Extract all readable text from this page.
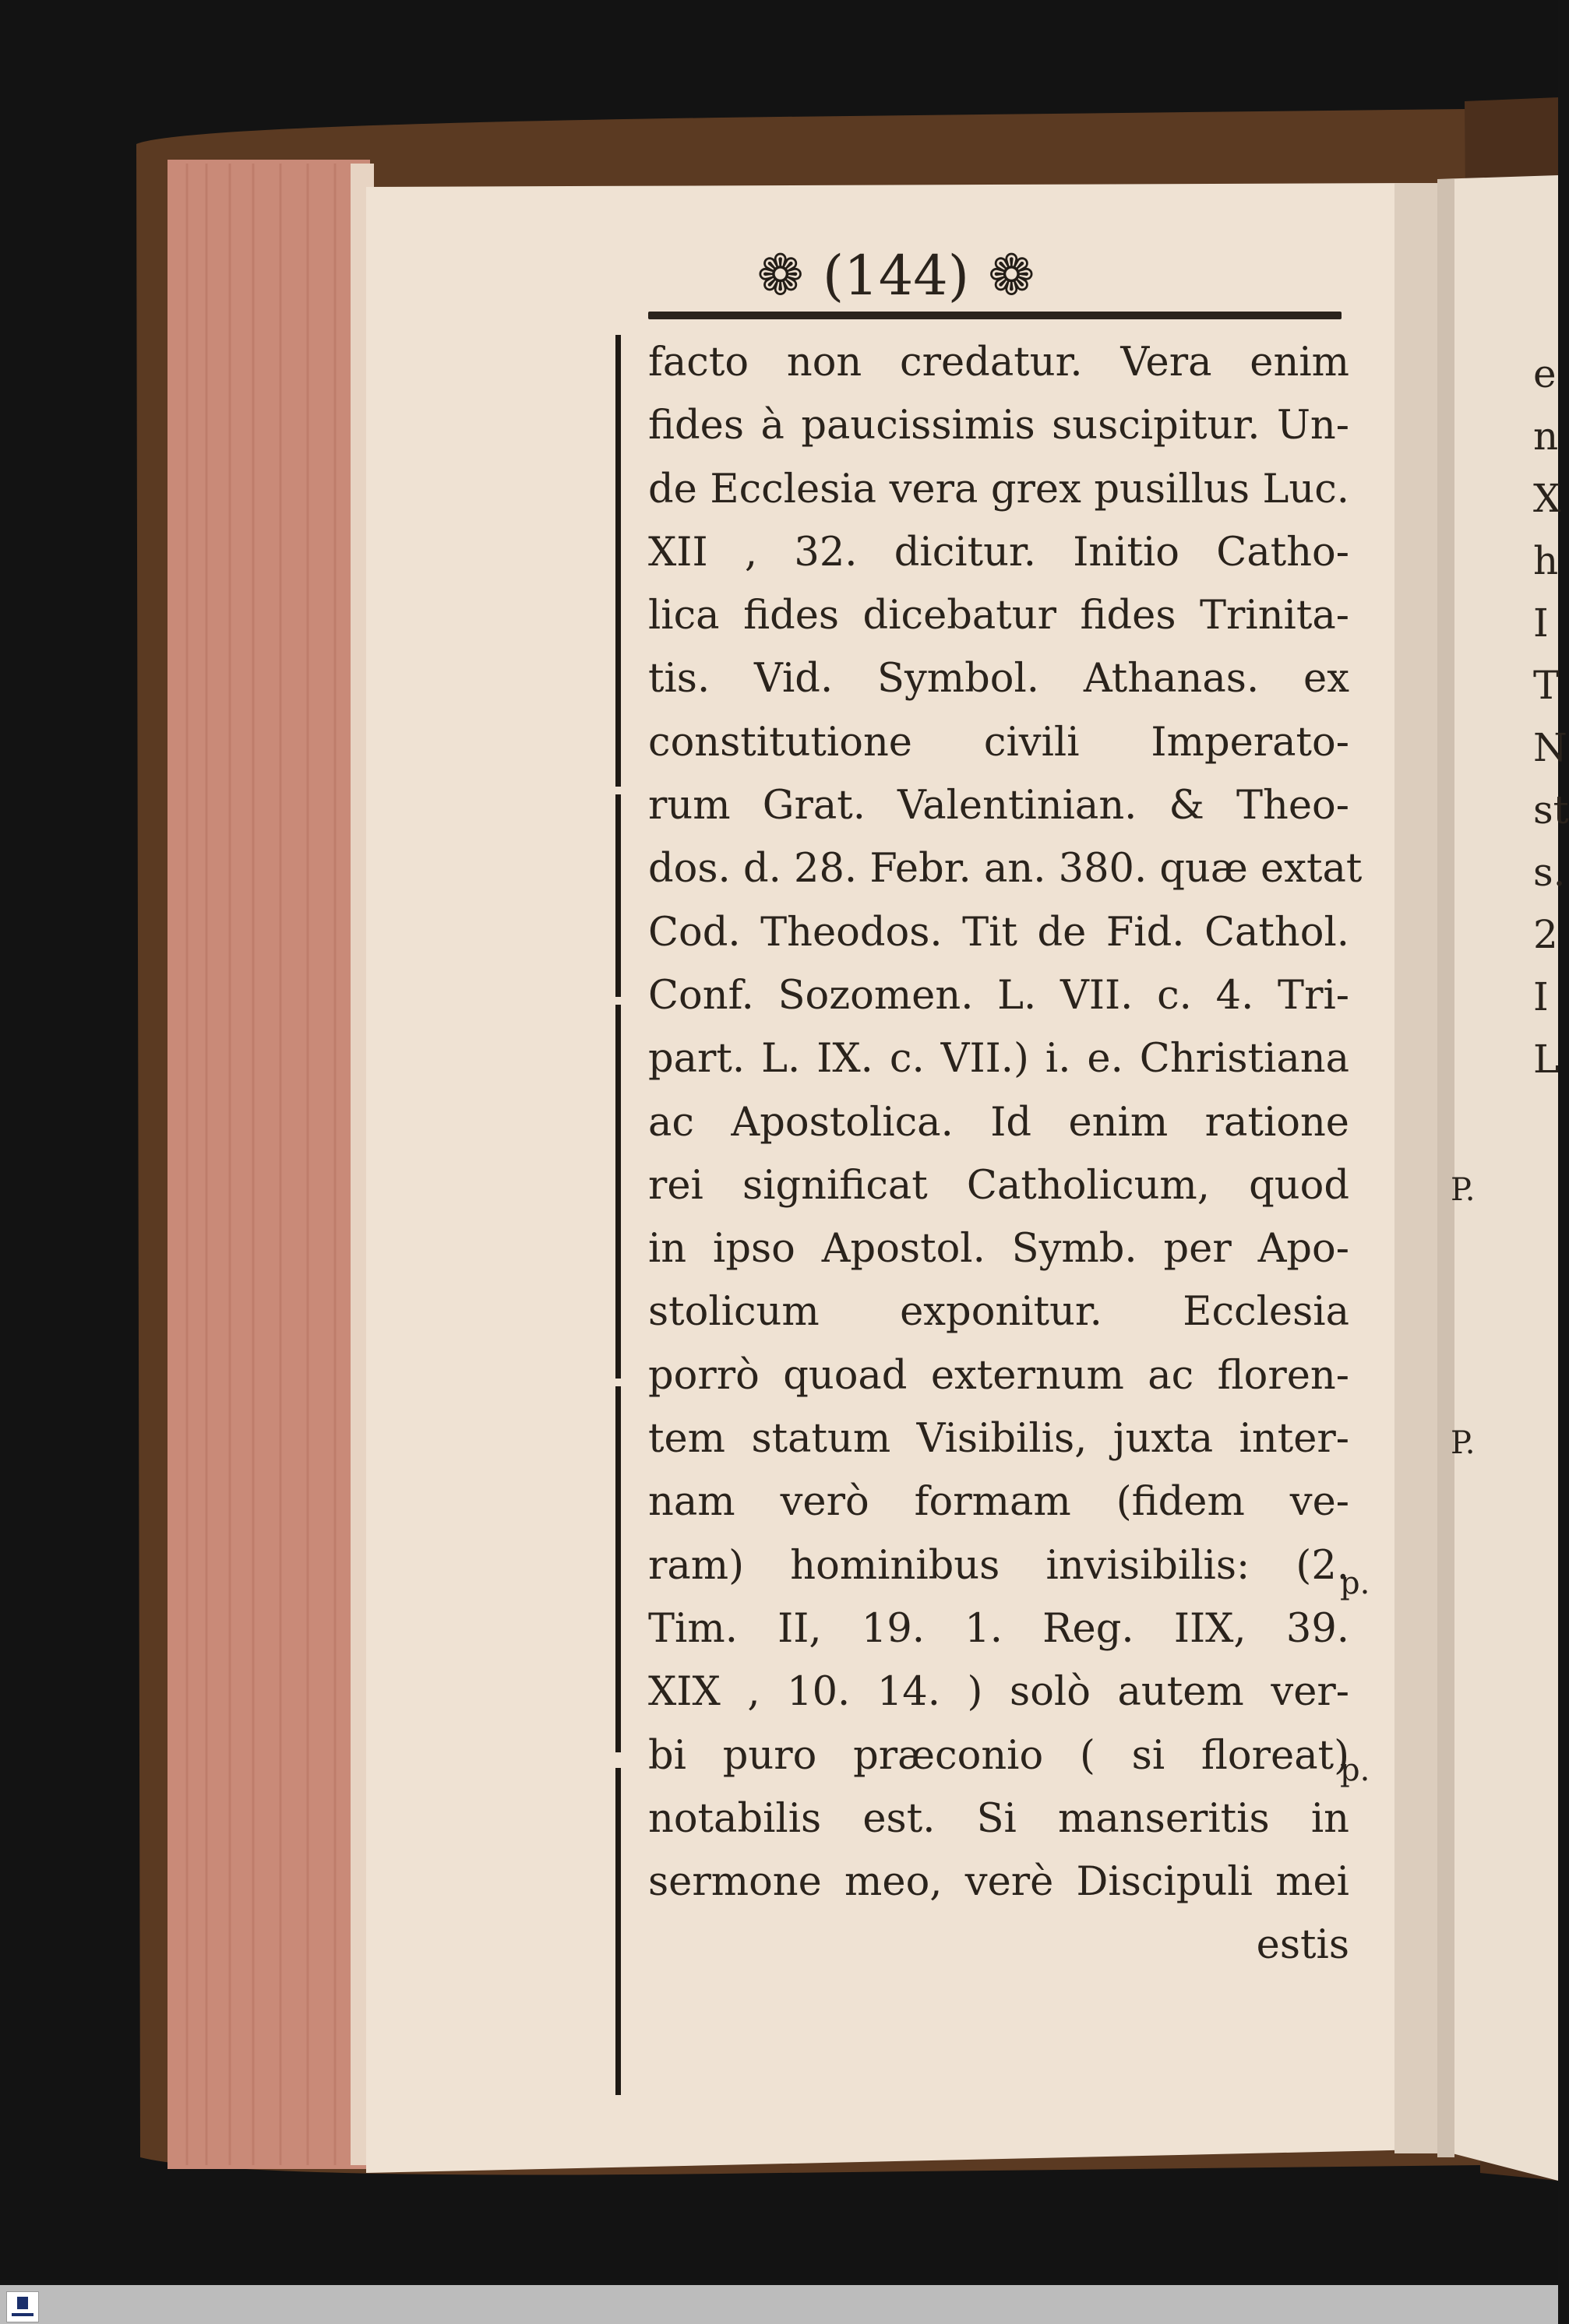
❁ (144) ❁
facto non credatur. Vera enim
fides à paucissimis suscipitur. Un-
de Ecclesia vera grex pusillus Luc.
XII , 32. dicitur. Initio Catho-
lica fides dicebatur fides Trinita-
tis. Vid. Symbol. Athanas. ex
constitutione civili Imperato-
rum Grat. Valentinian. & Theo-
dos. d. 28. Febr. an. 380. quæ extat
Cod. Theodos. Tit de Fid. Cathol.
Conf. Sozomen. L. VII. c. 4. Tri-
part. L. IX. c. VII.) i. e. Christiana
ac Apostolica. Id enim ratione
rei significat Catholicum, quod
in ipso Apostol. Symb. per Apo-
stolicum exponitur. Ecclesia
porrò quoad externum ac floren-
tem statum Visibilis, juxta inter-
nam verò formam (fidem ve-
ram) hominibus invisibilis: (2.
Tim. II, 19. 1. Reg. IIX, 39.
XIX , 10. 14. ) solò autem ver-
bi puro præconio ( si floreat)
notabilis est. Si manseritis in
sermone meo, verè Discipuli mei
estis
p.
p.
e
n
X
h
I
T
N
st
s.
2
I
L
P.
P.
